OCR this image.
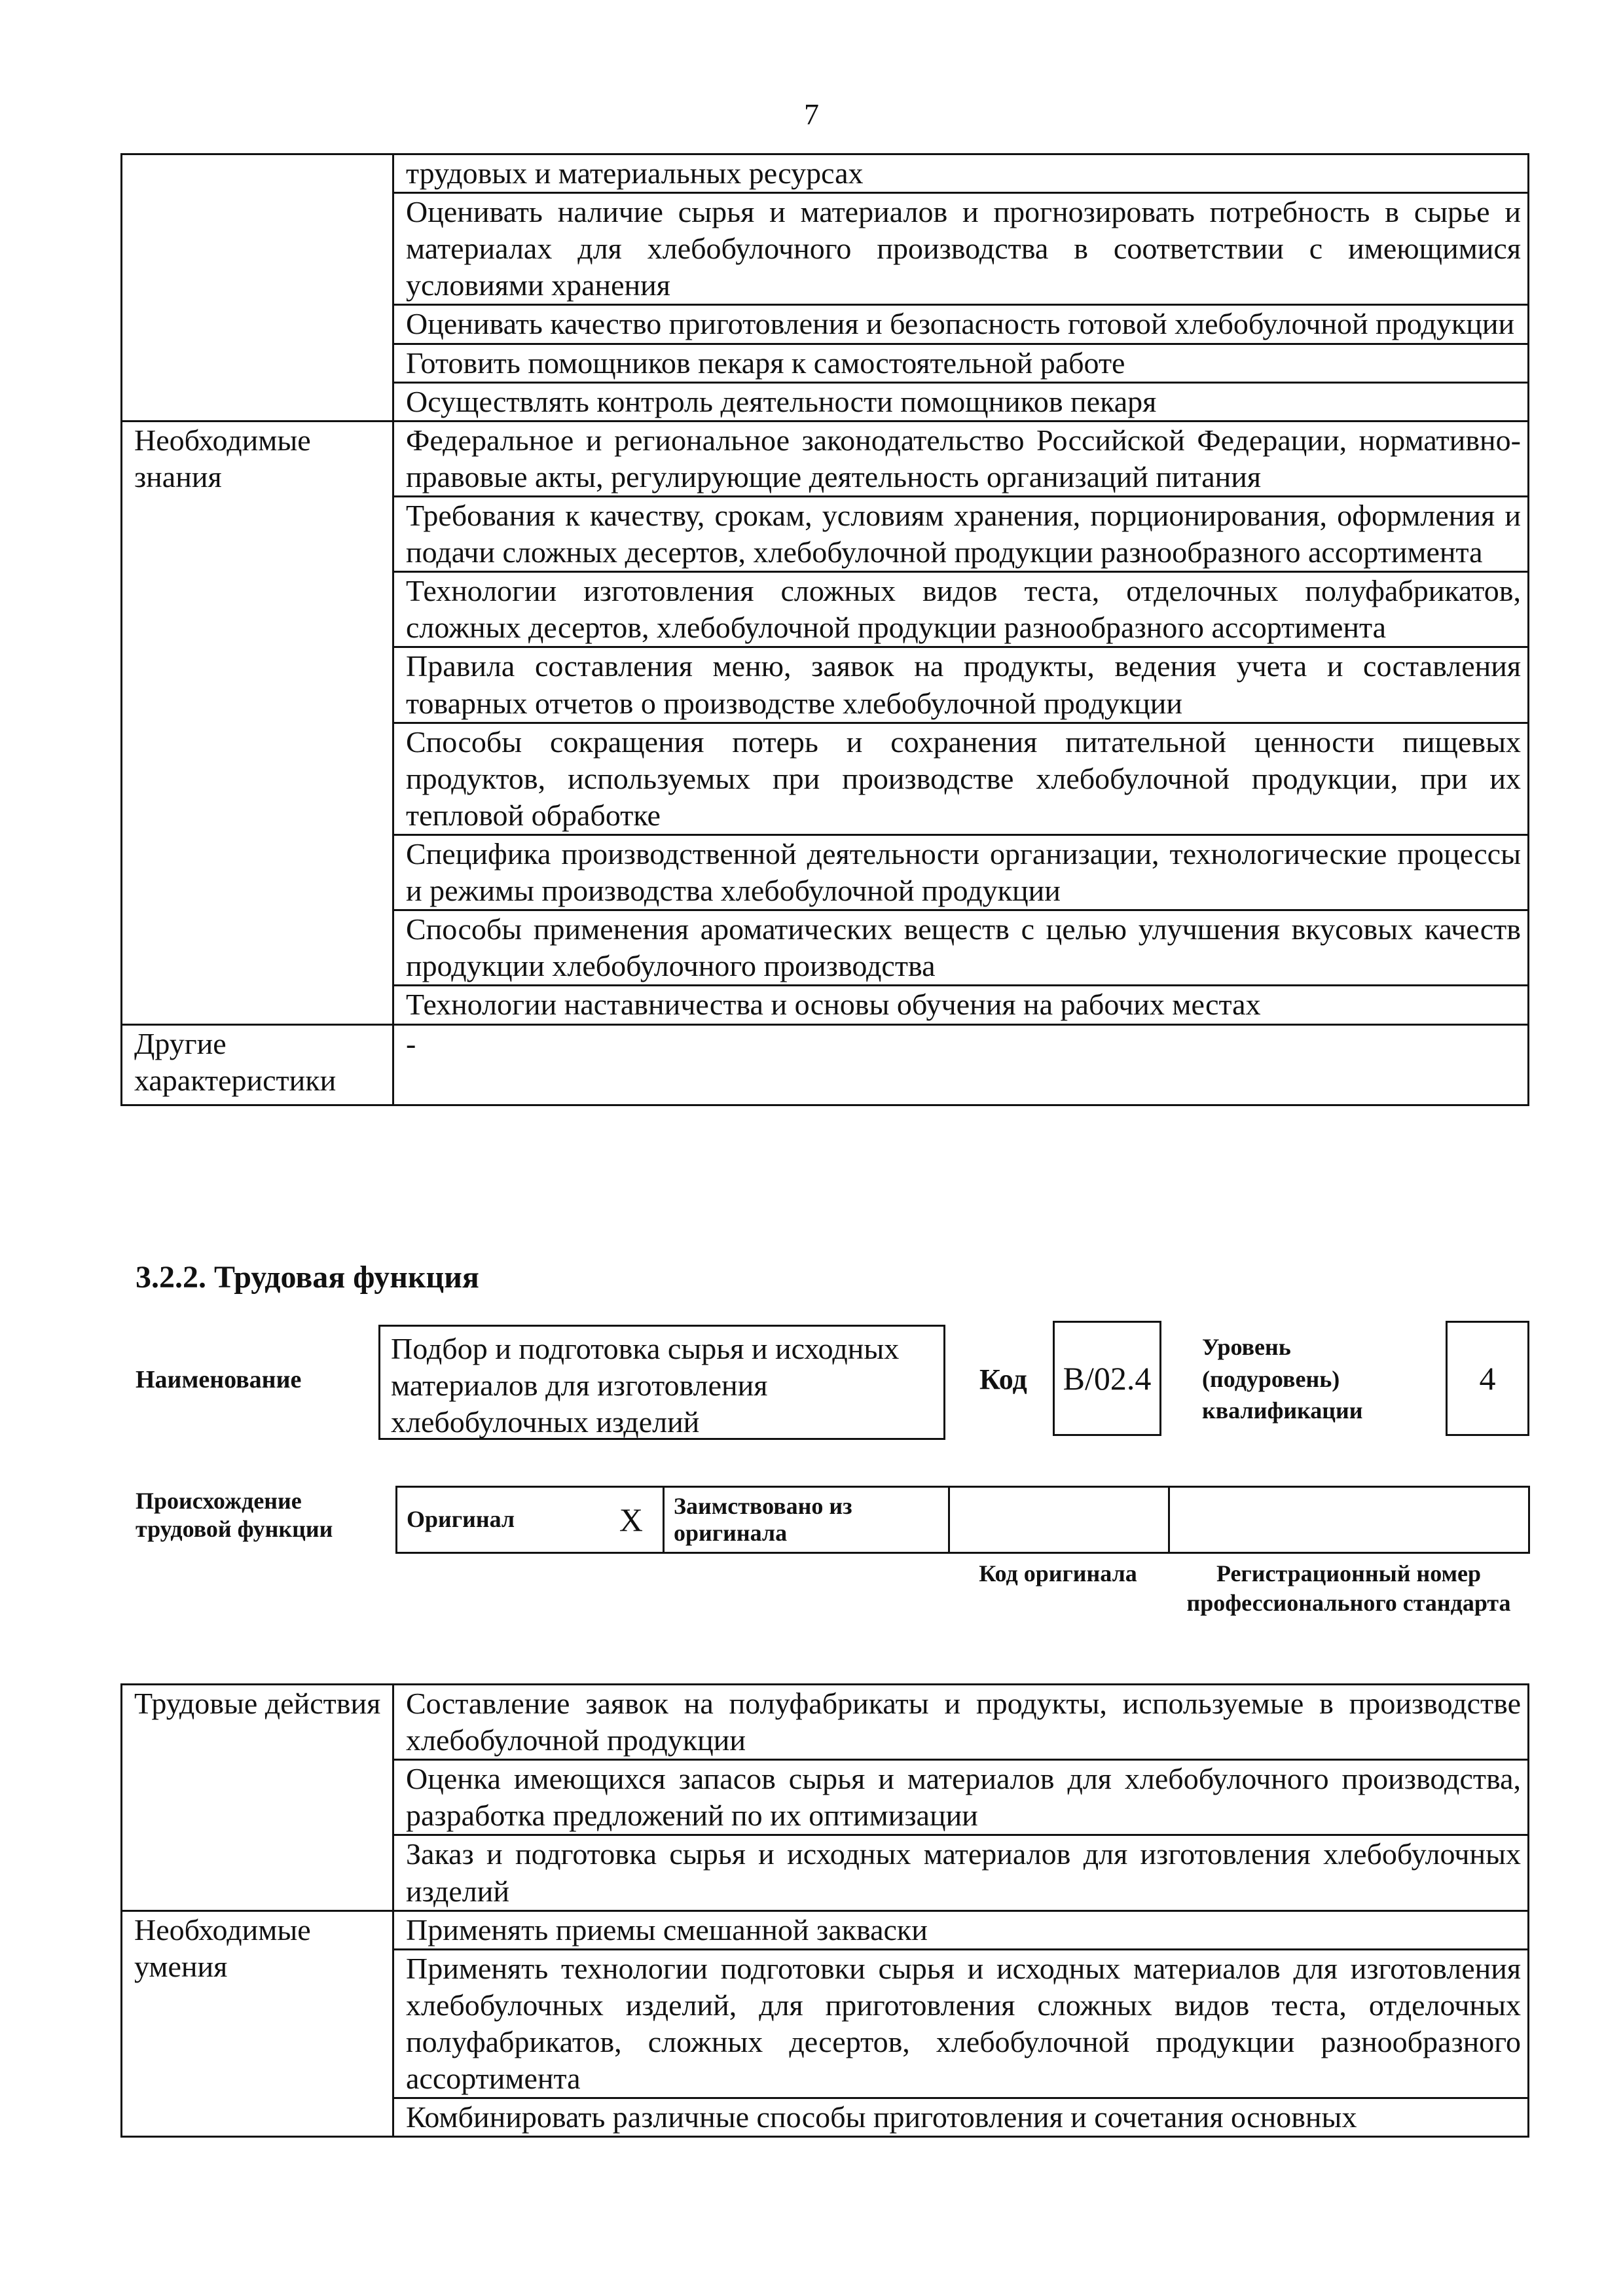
7
	трудовых и материальных ресурсах
	Оценивать наличие сырья и материалов и прогнозировать потребность в сырье и материалах для хлебобулочного производства в соответствии с имеющимися условиями хранения
	Оценивать качество приготовления и безопасность готовой хлебобулочной продукции
	Готовить помощников пекаря к самостоятельной работе
	Осуществлять контроль деятельности помощников пекаря
Необходимые знания	Федеральное и региональное законодательство Российской Федерации, нормативно-правовые акты, регулирующие деятельность организаций питания
	Требования к качеству, срокам, условиям хранения, порционирования, оформления и подачи сложных десертов, хлебобулочной продукции разнообразного ассортимента
	Технологии изготовления сложных видов теста, отделочных полуфабрикатов, сложных десертов, хлебобулочной продукции разнообразного ассортимента
	Правила составления меню, заявок на продукты, ведения учета и составления товарных отчетов о производстве хлебобулочной продукции
	Способы сокращения потерь и сохранения питательной ценности пищевых продуктов, используемых при производстве хлебобулочной продукции, при их тепловой обработке
	Специфика производственной деятельности организации, технологические процессы и режимы производства хлебобулочной продукции
	Способы применения ароматических веществ с целью улучшения вкусовых качеств продукции хлебобулочного производства
	Технологии наставничества и основы обучения на рабочих местах
Другие характеристики	-
3.2.2. Трудовая функция
Наименование
Подбор и подготовка сырья и исходных материалов для изготовления хлебобулочных изделий
Код B/02.4
Уровень (подуровень) квалификации
4
Происхождение трудовой функции	Оригинал	X	Заимствовано из оригинала		
Код оригинала	Регистрационный номер профессионального стандарта
Трудовые действия	Составление заявок на полуфабрикаты и продукты, используемые в производстве хлебобулочной продукции
	Оценка имеющихся запасов сырья и материалов для хлебобулочного производства, разработка предложений по их оптимизации
	Заказ и подготовка сырья и исходных материалов для изготовления хлебобулочных изделий
Необходимые умения	Применять приемы смешанной закваски
	Применять технологии подготовки сырья и исходных материалов для изготовления хлебобулочных изделий, для приготовления сложных видов теста, отделочных полуфабрикатов, сложных десертов, хлебобулочной продукции разнообразного ассортимента
	Комбинировать различные способы приготовления и сочетания основных
